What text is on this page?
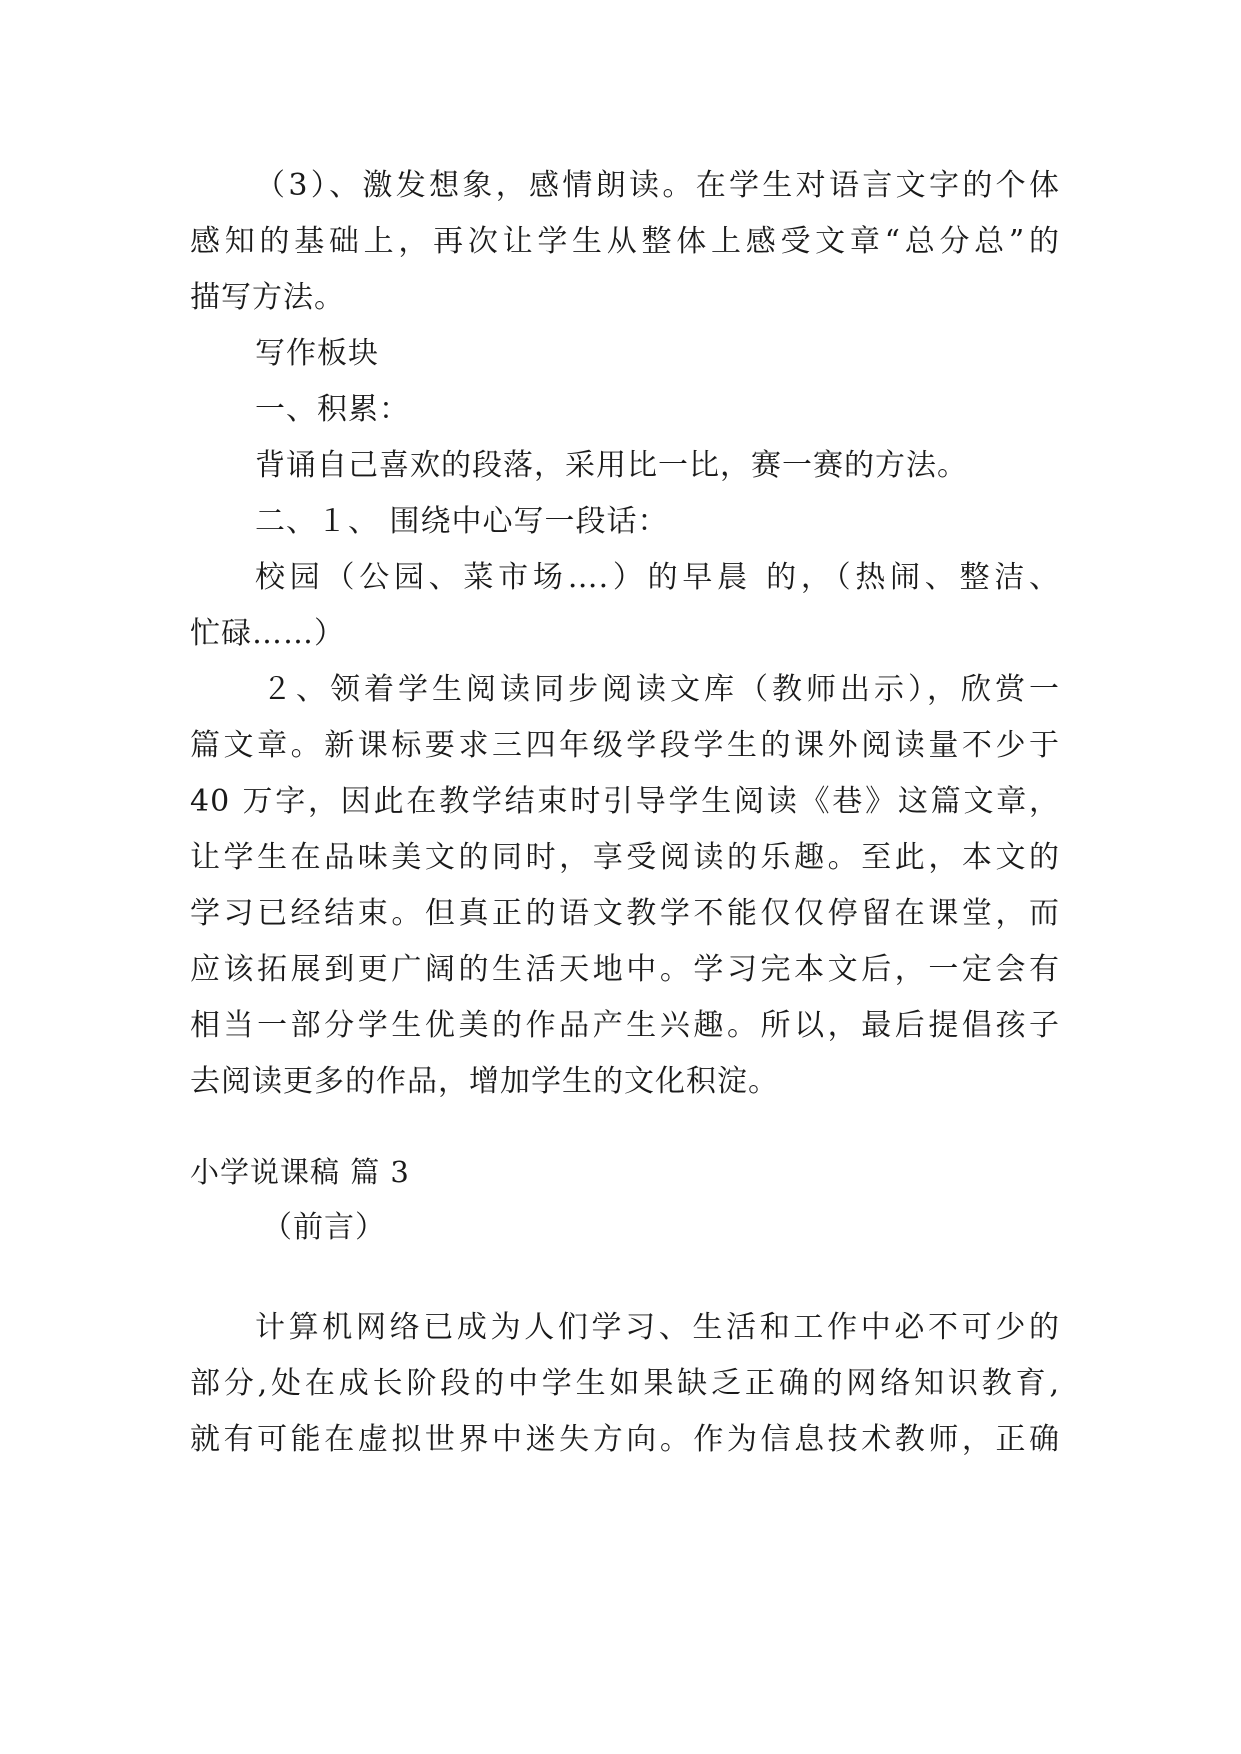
（3）、激发想象，感情朗读。在学生对语言文字的个体
感知的基础上，再次让学生从整体上感受文章“总分总”的
描写方法。
写作板块
一、积累：
背诵自己喜欢的段落，采用比一比，赛一赛的方法。
二、１、 围绕中心写一段话：
校园（公园、菜市场….）的早晨 的，（热闹、整洁、
忙碌……）
２、领着学生阅读同步阅读文库（教师出示），欣赏一
篇文章。新课标要求三四年级学段学生的课外阅读量不少于
40 万字，因此在教学结束时引导学生阅读《巷》这篇文章，
让学生在品味美文的同时，享受阅读的乐趣。至此，本文的
学习已经结束。但真正的语文教学不能仅仅停留在课堂，而
应该拓展到更广阔的生活天地中。学习完本文后，一定会有
相当一部分学生优美的作品产生兴趣。所以，最后提倡孩子
去阅读更多的作品，增加学生的文化积淀。
小学说课稿 篇 3
（前言）
计算机网络已成为人们学习、生活和工作中必不可少的
部分,处在成长阶段的中学生如果缺乏正确的网络知识教育,
就有可能在虚拟世界中迷失方向。作为信息技术教师，正确
